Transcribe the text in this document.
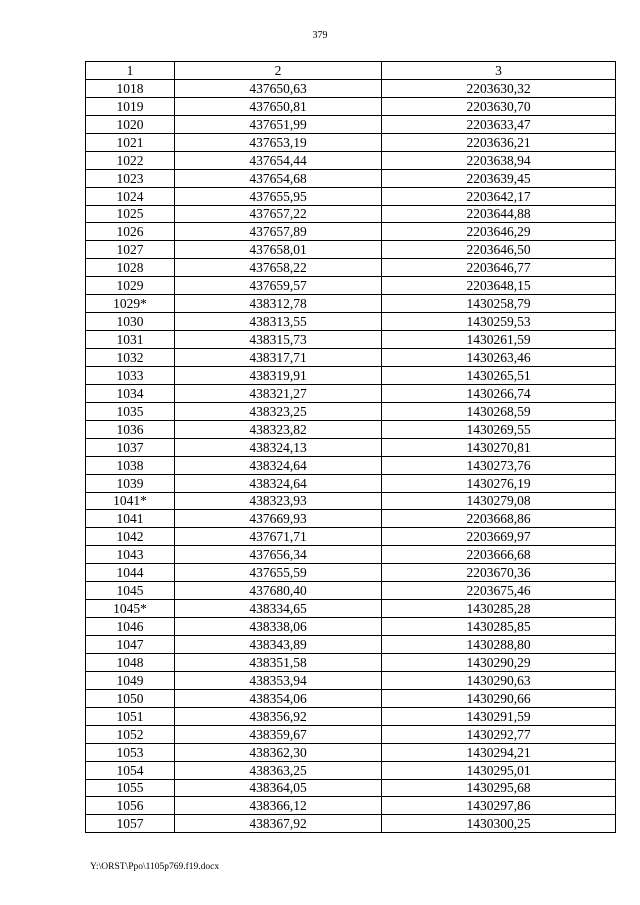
379
1	2	3
1018	437650,63	2203630,32
1019	437650,81	2203630,70
1020	437651,99	2203633,47
1021	437653,19	2203636,21
1022	437654,44	2203638,94
1023	437654,68	2203639,45
1024	437655,95	2203642,17
1025	437657,22	2203644,88
1026	437657,89	2203646,29
1027	437658,01	2203646,50
1028	437658,22	2203646,77
1029	437659,57	2203648,15
1029*	438312,78	1430258,79
1030	438313,55	1430259,53
1031	438315,73	1430261,59
1032	438317,71	1430263,46
1033	438319,91	1430265,51
1034	438321,27	1430266,74
1035	438323,25	1430268,59
1036	438323,82	1430269,55
1037	438324,13	1430270,81
1038	438324,64	1430273,76
1039	438324,64	1430276,19
1041*	438323,93	1430279,08
1041	437669,93	2203668,86
1042	437671,71	2203669,97
1043	437656,34	2203666,68
1044	437655,59	2203670,36
1045	437680,40	2203675,46
1045*	438334,65	1430285,28
1046	438338,06	1430285,85
1047	438343,89	1430288,80
1048	438351,58	1430290,29
1049	438353,94	1430290,63
1050	438354,06	1430290,66
1051	438356,92	1430291,59
1052	438359,67	1430292,77
1053	438362,30	1430294,21
1054	438363,25	1430295,01
1055	438364,05	1430295,68
1056	438366,12	1430297,86
1057	438367,92	1430300,25
Y:\ORST\Ppo\1105p769.f19.docx
